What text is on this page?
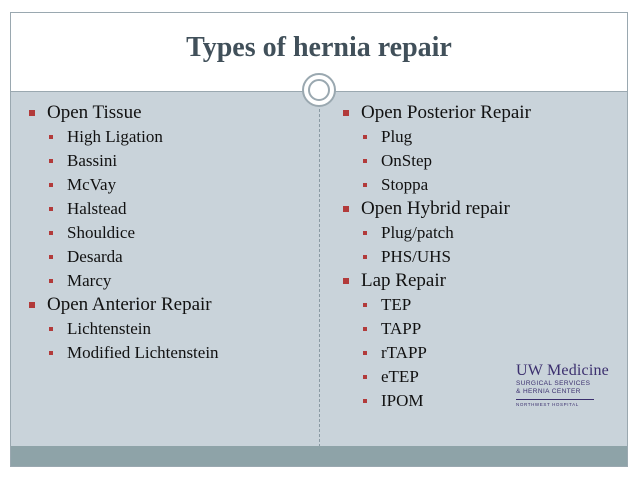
Types of hernia repair
Open Tissue
High Ligation
Bassini
McVay
Halstead
Shouldice
Desarda
Marcy
Open Anterior Repair
Lichtenstein
Modified Lichtenstein
Open Posterior Repair
Plug
OnStep
Stoppa
Open Hybrid repair
Plug/patch
PHS/UHS
Lap Repair
TEP
TAPP
rTAPP
eTEP
IPOM
UW Medicine
SURGICAL SERVICES
& HERNIA CENTER
NORTHWEST HOSPITAL
